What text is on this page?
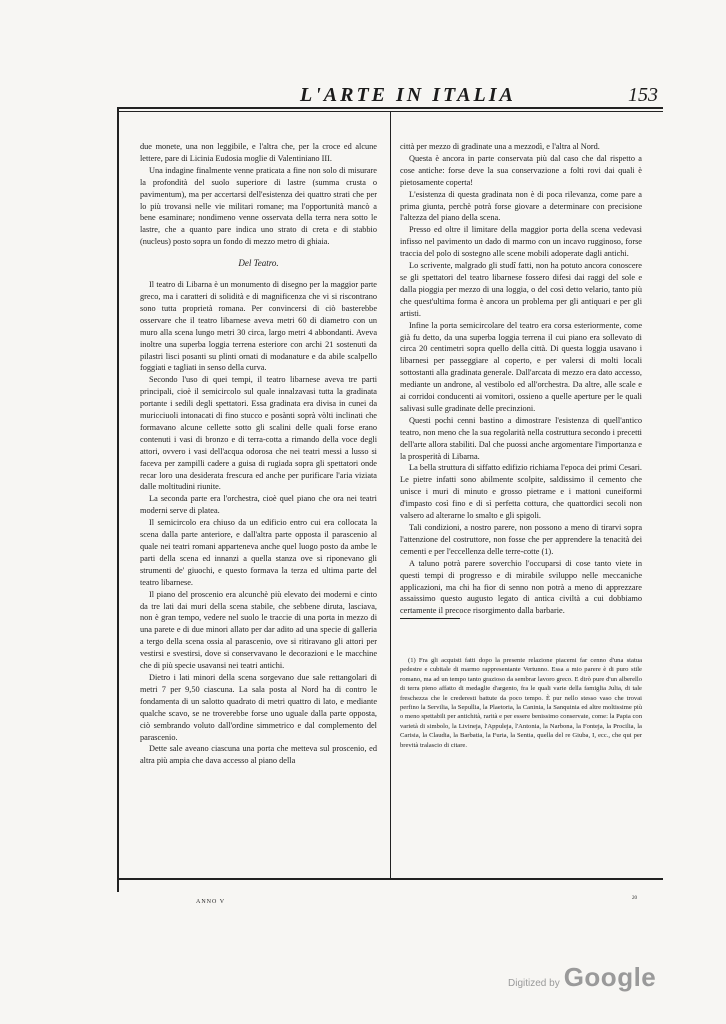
L'ARTE IN ITALIA	153

due monete, una non leggibile, e l'altra che, per la croce ed alcune lettere, pare di Licinia Eudosia moglie di Valentiniano III.

Una indagine finalmente venne praticata a fine non solo di misurare la profondità del suolo superiore di lastre (summa crusta o pavimentum), ma per accertarsi dell'esistenza dei quattro strati che per lo più trovansi nelle vie militari romane; ma l'opportunità mancò a bene esaminare; nondimeno venne osservata della terra nera sotto le lastre, che a quanto pare indica uno strato di creta e di stabbio (nucleus) posto sopra un fondo di mezzo metro di ghiaia.

Del Teatro.

Il teatro di Libarna è un monumento di disegno per la maggior parte greco, ma i caratteri di solidità e di magnificenza che vi si riscontrano sono tutta proprietà romana. Per convincersi di ciò basterebbe osservare che il teatro libarnese aveva metri 60 di diametro con un muro alla scena lungo metri 30 circa, largo metri 4 abbondanti. Aveva inoltre una superba loggia terrena esteriore con archi 21 sostenuti da pilastri lisci posanti su plinti ornati di modanature e da abile scalpello foggiati e tagliati in senso della curva.

Secondo l'uso di quei tempi, il teatro libarnese aveva tre parti principali, cioè il semicircolo sul quale innalzavasi tutta la gradinata portante i sedili degli spettatori. Essa gradinata era divisa in cunei da muricciuoli intonacati di fino stucco e posànti soprà vòlti inclinati che formavano alcune cellette sotto gli scalini delle quali forse erano contenuti i vasi di bronzo e di terra-cotta a rimando della voce degli attori, ovvero i vasi dell'acqua odorosa che nei teatri messi a lusso si faceva per zampilli cadere a guisa di rugiada sopra gli spettatori onde recar loro una desiderata frescura ed anche per purificare l'aria viziata dalle moltitudini riunite.

La seconda parte era l'orchestra, cioè quel piano che ora nei teatri moderni serve di platea.

Il semicircolo era chiuso da un edificio entro cui era collocata la scena dalla parte anteriore, e dall'altra parte opposta il parascenio al quale nei teatri romani apparteneva anche quel luogo posto da ambe le parti della scena ed innanzi a quella stanza ove si riponevano gli strumenti de' giuochi, e questo formava la terza ed ultima parte del teatro libarnese.

Il piano del proscenio era alcunchè più elevato dei moderni e cinto da tre lati dai muri della scena stabile, che sebbene diruta, lasciava, non è gran tempo, vedere nel suolo le traccie di una porta in mezzo di una parete e di due minori allato per dar adito ad una specie di galleria a tergo della scena ossia al parascenio, ove si ritiravano gli attori per vestirsi e svestirsi, dove si conservavano le decorazioni e le macchine che di più specie usavansi nei teatri antichi.

Dietro i lati minori della scena sorgevano due sale rettangolari di metri 7 per 9,50 ciascuna. La sala posta al Nord ha di contro le fondamenta di un salotto quadrato di metri quattro di lato, e mediante qualche scavo, se ne troverebbe forse uno uguale dalla parte opposta, ciò sembrando voluto dall'ordine simmetrico e dal complemento del parascenio.

Dette sale aveano ciascuna una porta che metteva sul proscenio, ed altra più ampia che dava accesso al piano della

città per mezzo di gradinate una a mezzodì, e l'altra al Nord.

Questa è ancora in parte conservata più dal caso che dal rispetto a cose antiche: forse deve la sua conservazione a folti rovi dai quali è pietosamente coperta!

L'esistenza di questa gradinata non è di poca rilevanza, come pare a prima giunta, perchè potrà forse giovare a determinare con precisione l'altezza del piano della scena.

Presso ed oltre il limitare della maggior porta della scena vedevasi infisso nel pavimento un dado di marmo con un incavo rugginoso, forse traccia del polo di sostegno alle scene mobili adoperate dagli antichi.

Lo scrivente, malgrado gli studî fatti, non ha potuto ancora conoscere se gli spettatori del teatro libarnese fossero difesi dai raggi del sole e dalla pioggia per mezzo di una loggia, o del così detto velario, tanto più che quest'ultima forma è ancora un problema per gli antiquari e per gli artisti.

Infine la porta semicircolare del teatro era corsa esteriormente, come già fu detto, da una superba loggia terrena il cui piano era sollevato di circa 20 centimetri sopra quello della città. Di questa loggia usavano i libarnesi per passeggiare al coperto, e per valersi di molti locali sottostanti alla gradinata generale. Dall'arcata di mezzo era dato accesso, mediante un androne, al vestibolo ed all'orchestra. Da altre, alle scale e ai corridoi conducenti ai vomitori, ossieno a quelle aperture per le quali salivasi sulle gradinate delle precinzioni.

Questi pochi cenni bastino a dimostrare l'esistenza di quell'antico teatro, non meno che la sua regolarità nella costruttura secondo i precetti dell'arte allora stabiliti. Dal che puossi anche argomentare l'importanza e la prosperità di Libarna.

La bella struttura di siffatto edifizio richiama l'epoca dei primi Cesari. Le pietre infatti sono abilmente scolpite, saldissimo il cemento che unisce i muri di minuto e grosso pietrame e i mattoni cuneiformi d'impasto così fino e di sì perfetta cottura, che quattordici secoli non valsero ad alterarne lo smalto e gli spigoli.

Tali condizioni, a nostro parere, non possono a meno di tirarvi sopra l'attenzione del costruttore, non fosse che per apprendere la tenacità dei cementi e per l'eccellenza delle terre-cotte (1).

A taluno potrà parere soverchio l'occuparsi di cose tanto viete in questi tempi di progresso e di mirabile sviluppo nelle meccaniche applicazioni, ma chi ha fior di senno non potrà a meno di apprezzare assaissimo questo augusto legato di antica civiltà a cui dobbiamo certamente il precoce risorgimento dalla barbarie.

(1) Fra gli acquisti fatti dopo la presente relazione piacemi far cenno d'una statua pedestre e cubitale di marmo rappresentante Vertunno. Essa a mio parere è di puro stile romano, ma ad un tempo tanto grazioso da sembrar lavoro greco. E dirò pure d'un alberello di terra pieno affatto di medaglie d'argento, fra le quali varie della famiglia Julia, di tale freschezza che le crederesti battute da poco tempo. È pur nello stesso vaso che trovai perfino la Servilia, la Sepullia, la Plaetoria, la Caninia, la Sanquinia ed altre moltissime più o meno spettabili per antichità, rarità e per essere benissimo conservate, come: la Papia con varietà di simbolo, la Livineja, l'Appuleja, l'Antonia, la Narbona, la Fonteja, la Procilia, la Carisia, la Claudia, la Barbatia, la Furia, la Sentia, quella del re Giuba, I, ecc., che qui per brevità tralascio di citare.

ANNO V
20
Digitized by Google
